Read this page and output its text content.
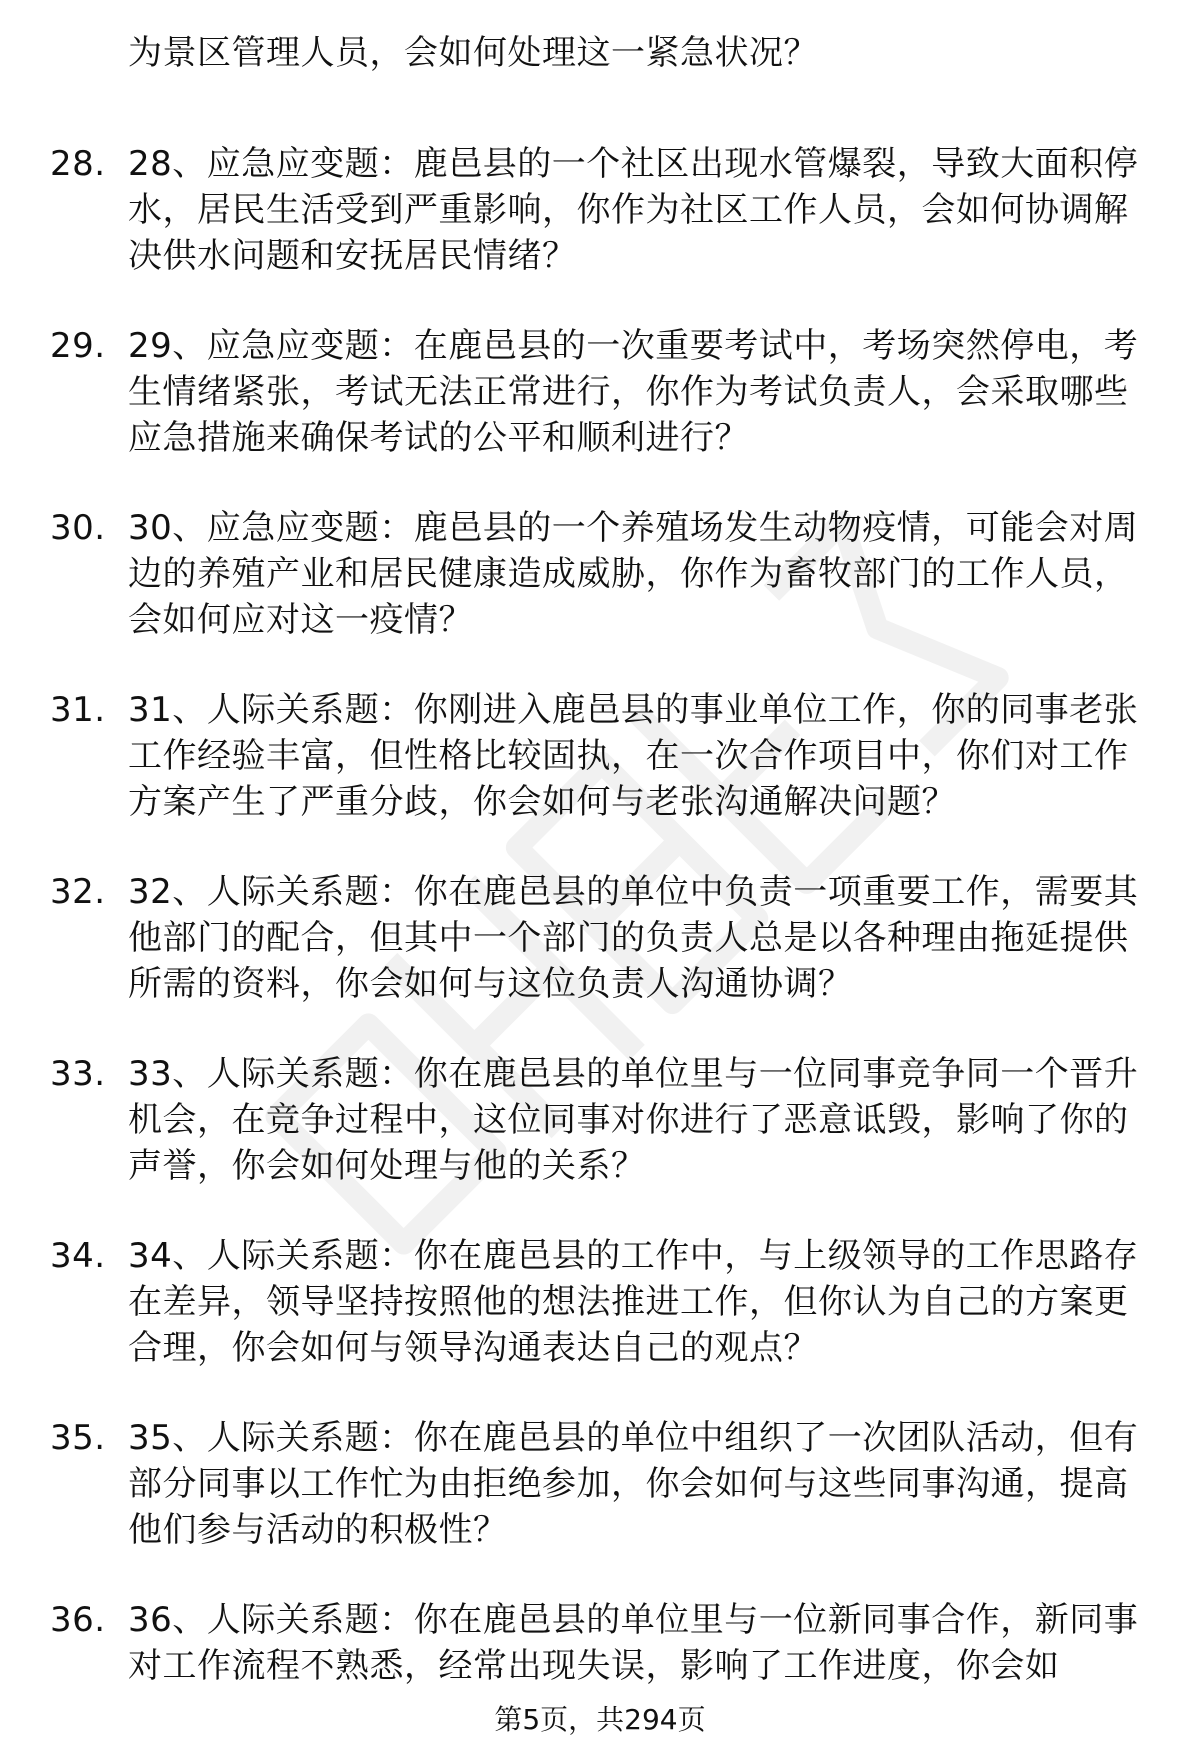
为景区管理人员，会如何处理这一紧急状况？
28. 28、应急应变题：鹿邑县的一个社区出现水管爆裂，导致大面积停水，居民生活受到严重影响，你作为社区工作人员，会如何协调解决供水问题和安抚居民情绪？
29. 29、应急应变题：在鹿邑县的一次重要考试中，考场突然停电，考生情绪紧张，考试无法正常进行，你作为考试负责人，会采取哪些应急措施来确保考试的公平和顺利进行？
30. 30、应急应变题：鹿邑县的一个养殖场发生动物疫情，可能会对周边的养殖产业和居民健康造成威胁，你作为畜牧部门的工作人员，会如何应对这一疫情？
31. 31、人际关系题：你刚进入鹿邑县的事业单位工作，你的同事老张工作经验丰富，但性格比较固执，在一次合作项目中，你们对工作方案产生了严重分歧，你会如何与老张沟通解决问题？
32. 32、人际关系题：你在鹿邑县的单位中负责一项重要工作，需要其他部门的配合，但其中一个部门的负责人总是以各种理由拖延提供所需的资料，你会如何与这位负责人沟通协调？
33. 33、人际关系题：你在鹿邑县的单位里与一位同事竞争同一个晋升机会，在竞争过程中，这位同事对你进行了恶意诋毁，影响了你的声誉，你会如何处理与他的关系？
34. 34、人际关系题：你在鹿邑县的工作中，与上级领导的工作思路存在差异，领导坚持按照他的想法推进工作，但你认为自己的方案更合理，你会如何与领导沟通表达自己的观点？
35. 35、人际关系题：你在鹿邑县的单位中组织了一次团队活动，但有部分同事以工作忙为由拒绝参加，你会如何与这些同事沟通，提高他们参与活动的积极性？
36. 36、人际关系题：你在鹿邑县的单位里与一位新同事合作，新同事对工作流程不熟悉，经常出现失误，影响了工作进度，你会如
第5页，共294页
